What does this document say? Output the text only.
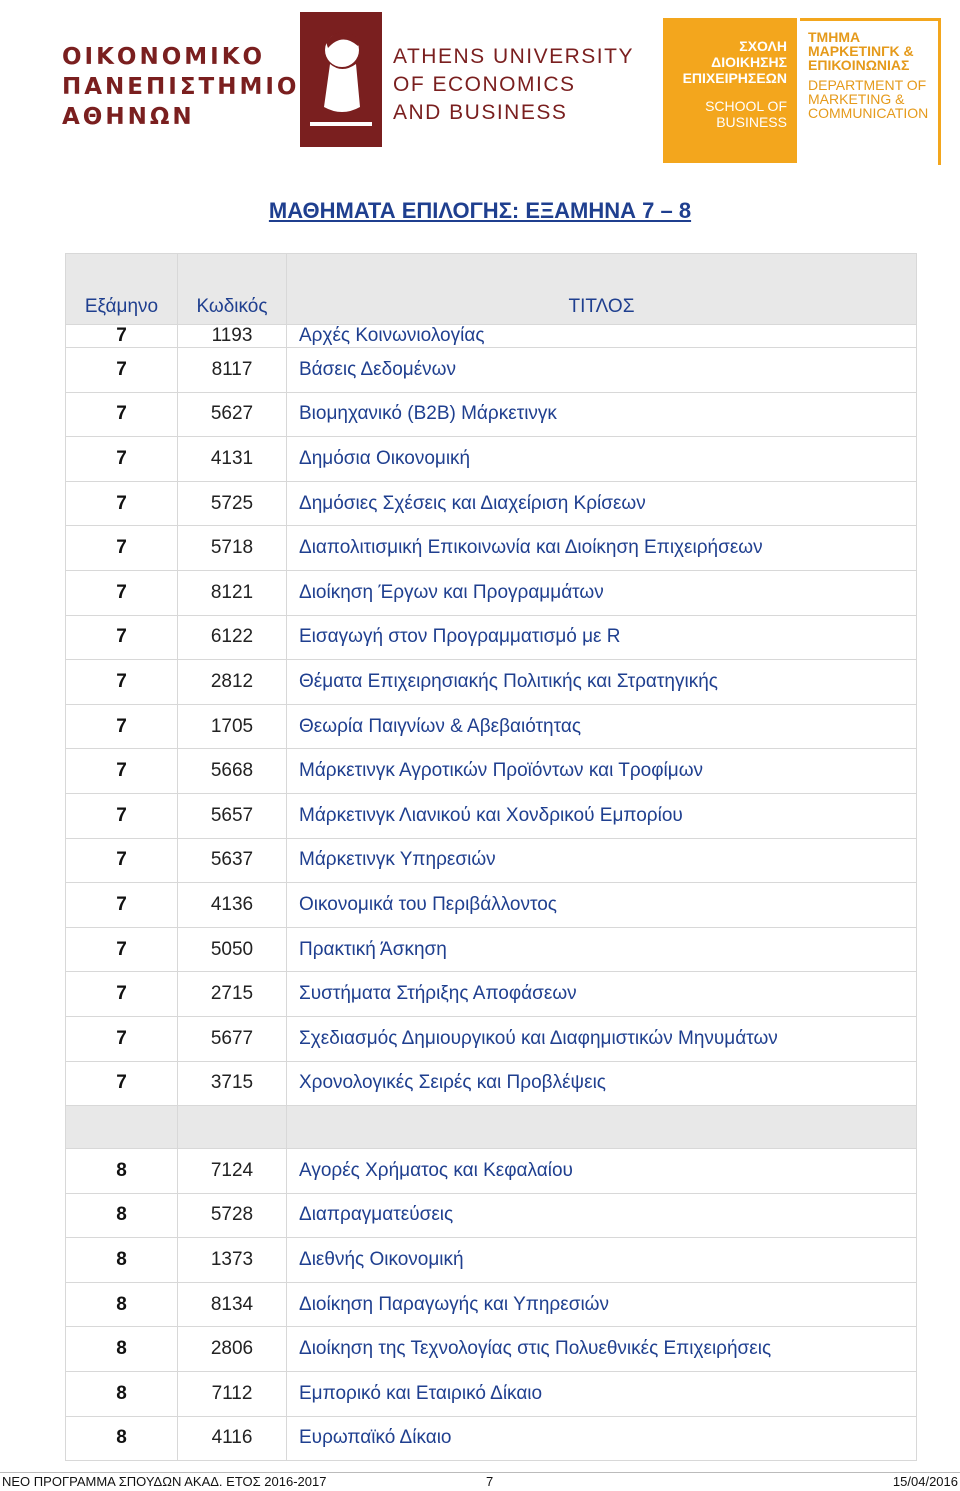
ΟΙΚΟΝΟΜΙΚΟ
ΠΑΝΕΠΙΣΤΗΜΙΟ
ΑΘΗΝΩΝ
ATHENS UNIVERSITY
OF ECONOMICS
AND BUSINESS
ΣΧΟΛΗ
ΔΙΟΙΚΗΣΗΣ
ΕΠΙΧΕΙΡΗΣΕΩΝ
SCHOOL OF
BUSINESS
ΤΜΗΜΑ
ΜΑΡΚΕΤΙΝΓΚ &
ΕΠΙΚΟΙΝΩΝΙΑΣ
DEPARTMENT OF
MARKETING &
COMMUNICATION
ΜΑΘΗΜΑΤΑ ΕΠΙΛΟΓΗΣ: ΕΞΑΜΗΝΑ 7 – 8
Εξάμηνο	Κωδικός	ΤΙΤΛΟΣ
7	1193	Αρχές Κοινωνιολογίας
7	8117	Βάσεις Δεδομένων
7	5627	Βιομηχανικό (B2B) Μάρκετινγκ
7	4131	Δημόσια Οικονομική
7	5725	Δημόσιες Σχέσεις και Διαχείριση Κρίσεων
7	5718	Διαπολιτισμική Επικοινωνία και Διοίκηση Επιχειρήσεων
7	8121	Διοίκηση Έργων και Προγραμμάτων
7	6122	Εισαγωγή στον Προγραμματισμό με R
7	2812	Θέματα Επιχειρησιακής Πολιτικής και Στρατηγικής
7	1705	Θεωρία Παιγνίων & Αβεβαιότητας
7	5668	Μάρκετινγκ Αγροτικών Προϊόντων και Τροφίμων
7	5657	Μάρκετινγκ Λιανικού και Χονδρικού Εμπορίου
7	5637	Μάρκετινγκ Υπηρεσιών
7	4136	Οικονομικά του Περιβάλλοντος
7	5050	Πρακτική Άσκηση
7	2715	Συστήματα Στήριξης Αποφάσεων
7	5677	Σχεδιασμός Δημιουργικού και Διαφημιστικών Μηνυμάτων
7	3715	Χρονολογικές Σειρές και Προβλέψεις

8	7124	Αγορές Χρήματος και Κεφαλαίου
8	5728	Διαπραγματεύσεις
8	1373	Διεθνής Οικονομική
8	8134	Διοίκηση Παραγωγής και Υπηρεσιών
8	2806	Διοίκηση της Τεχνολογίας στις Πολυεθνικές Επιχειρήσεις
8	7112	Εμπορικό και Εταιρικό Δίκαιο
8	4116	Ευρωπαϊκό Δίκαιο
ΝΕΟ ΠΡΟΓΡΑΜΜΑ ΣΠΟΥΔΩΝ ΑΚΑΔ. ΕΤΟΣ 2016-2017	7	15/04/2016
